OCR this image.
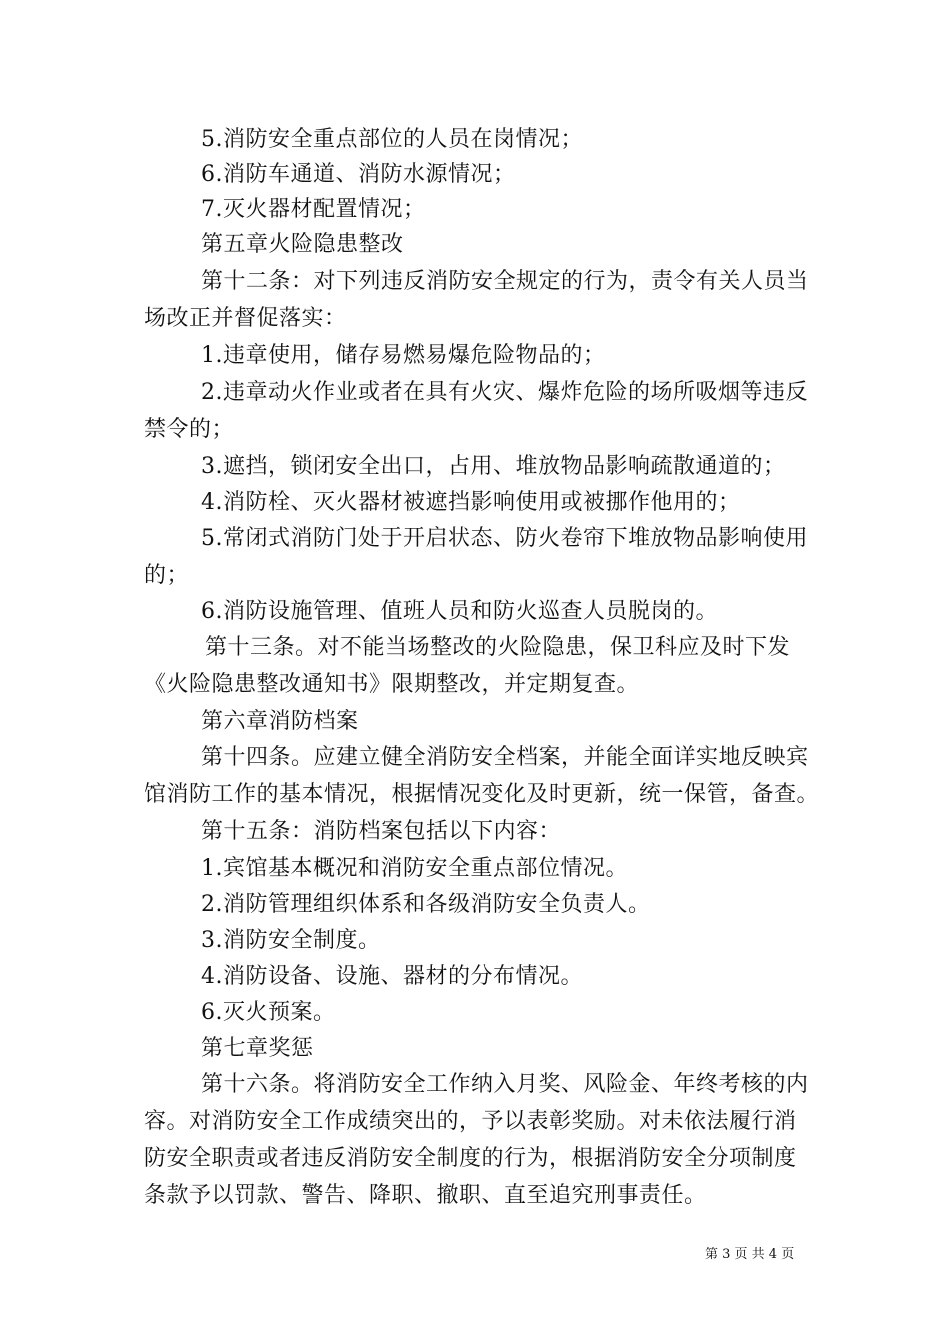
5.消防安全重点部位的人员在岗情况；
6.消防车通道、消防水源情况；
7.灭火器材配置情况；
第五章火险隐患整改
第十二条：对下列违反消防安全规定的行为，责令有关人员当
场改正并督促落实：
1.违章使用，储存易燃易爆危险物品的；
2.违章动火作业或者在具有火灾、爆炸危险的场所吸烟等违反
禁令的；
3.遮挡，锁闭安全出口，占用、堆放物品影响疏散通道的；
4.消防栓、灭火器材被遮挡影响使用或被挪作他用的；
5.常闭式消防门处于开启状态、防火卷帘下堆放物品影响使用
的；
6.消防设施管理、值班人员和防火巡查人员脱岗的。
第十三条。对不能当场整改的火险隐患，保卫科应及时下发
《火险隐患整改通知书》限期整改，并定期复查。
第六章消防档案
第十四条。应建立健全消防安全档案，并能全面详实地反映宾
馆消防工作的基本情况，根据情况变化及时更新，统一保管，备查。
第十五条：消防档案包括以下内容：
1.宾馆基本概况和消防安全重点部位情况。
2.消防管理组织体系和各级消防安全负责人。
3.消防安全制度。
4.消防设备、设施、器材的分布情况。
6.灭火预案。
第七章奖惩
第十六条。将消防安全工作纳入月奖、风险金、年终考核的内
容。对消防安全工作成绩突出的，予以表彰奖励。对未依法履行消
防安全职责或者违反消防安全制度的行为，根据消防安全分项制度
条款予以罚款、警告、降职、撤职、直至追究刑事责任。
第 3 页 共 4 页
